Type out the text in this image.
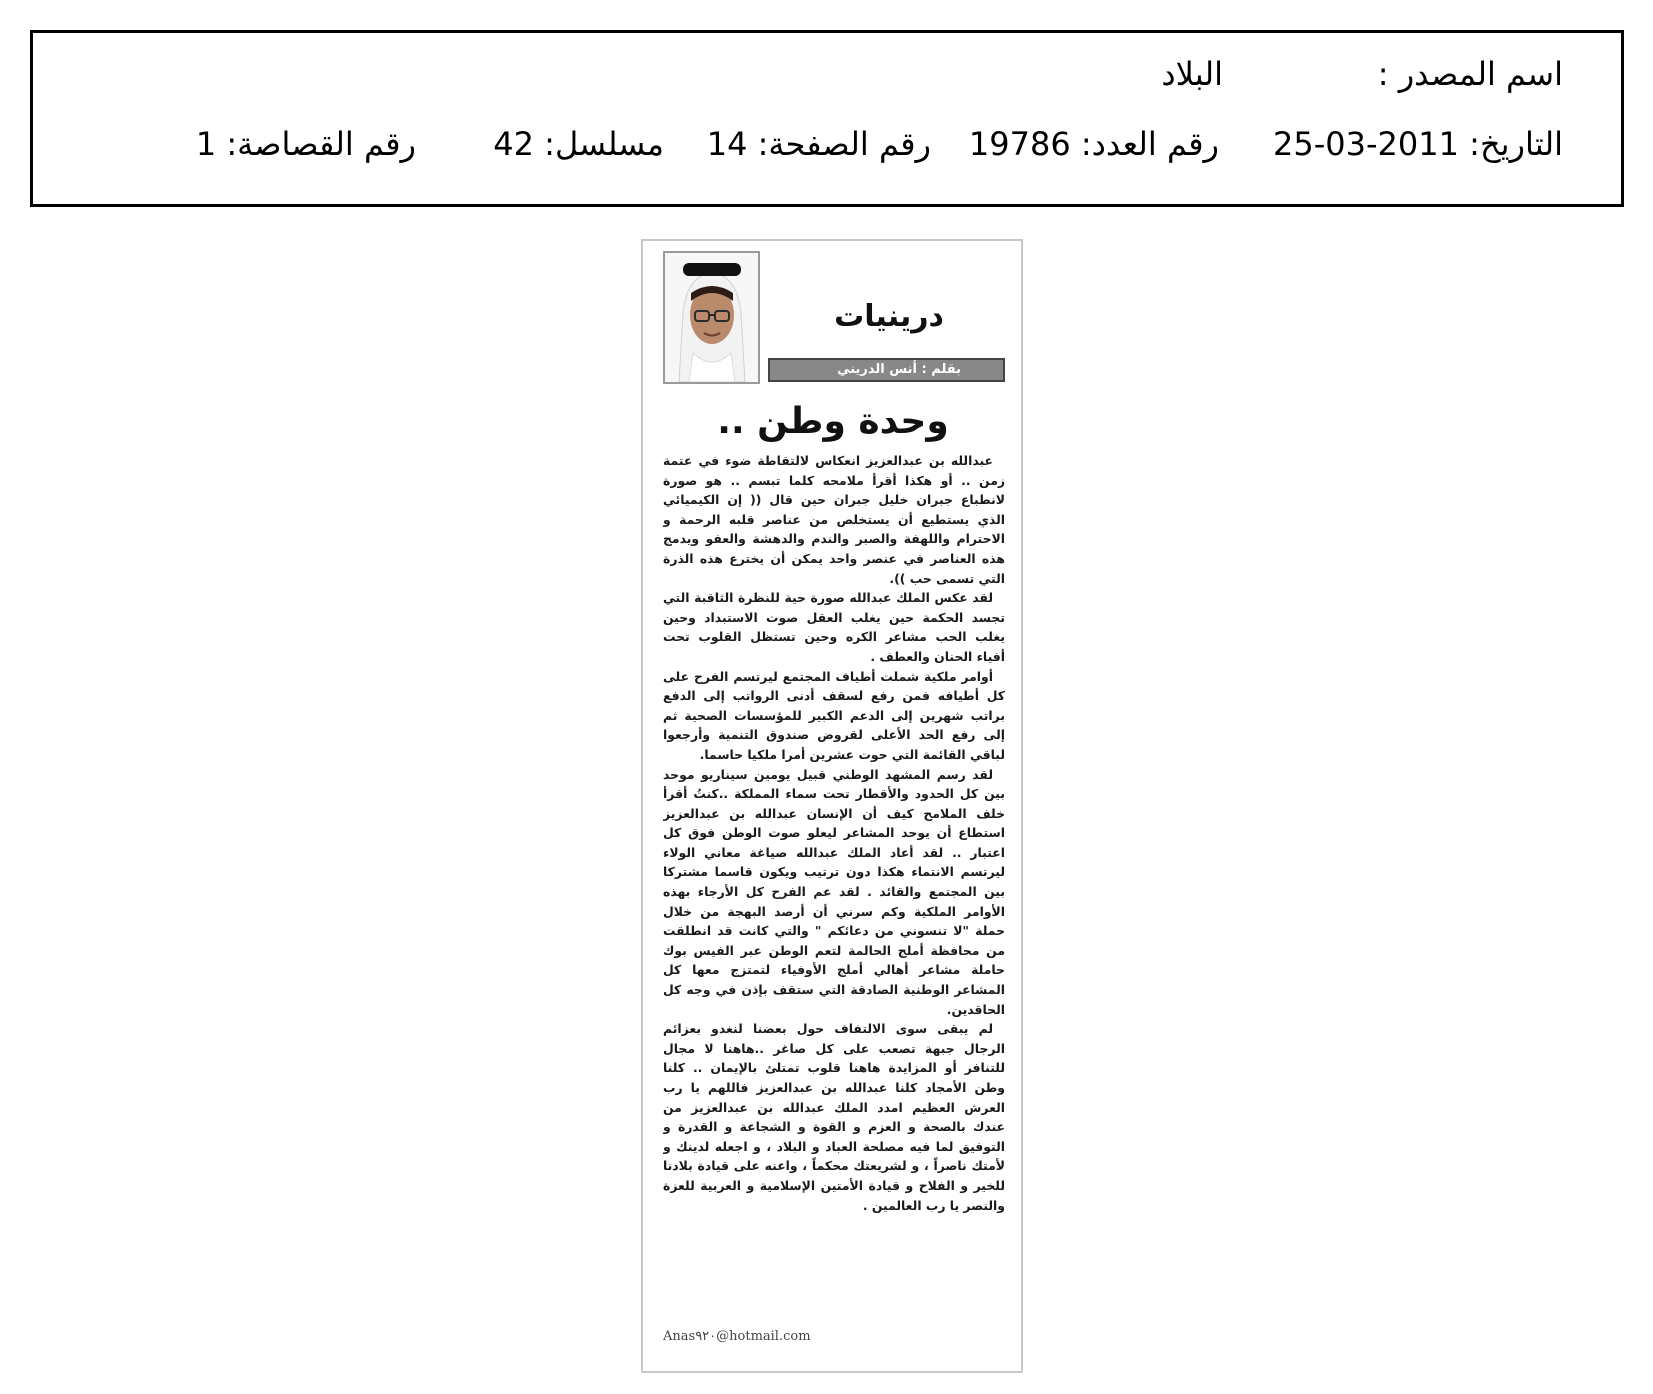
اسم المصدر :
البلاد
التاريخ: 25-03-2011
رقم العدد: 19786
رقم الصفحة: 14
مسلسل: 42
رقم القصاصة: 1
درينيات
بقلم : أنس الدريني
وحدة وطن ..

عبدالله بن عبدالعزيز انعكاس لالتقاطة ضوء في عتمة زمن .. أو هكذا أقرأ ملامحه كلما تبسم .. هو صورة لانطباع جبران خليل جبران حين قال (( إن الكيميائي الذي يستطيع أن يستخلص من عناصر قلبه الرحمة و الاحترام واللهفة والصبر والندم والدهشة والعفو ويدمج هذه العناصر في عنصر واحد يمكن أن يخترع هذه الذرة التي تسمى حب )).

لقد عكس الملك عبدالله صورة حية للنظرة الثاقبة التي تجسد الحكمة حين يغلب العقل صوت الاستبداد وحين يغلب الحب مشاعر الكره وحين تستظل القلوب تحت أفياء الحنان والعطف .

أوامر ملكية شملت أطياف المجتمع ليرتسم الفرح على كل أطيافه فمن رفع لسقف أدنى الرواتب إلى الدفع براتب شهرين إلى الدعم الكبير للمؤسسات الصحية ثم إلى رفع الحد الأعلى لقروض صندوق التنمية وأرجعوا لباقي القائمة التي حوت عشرين أمرا ملكيا حاسما.

لقد رسم المشهد الوطني قبيل يومين سيناريو موحد بين كل الحدود والأقطار تحت سماء المملكة ..كنتُ أقرأ خلف الملامح كيف أن الإنسان عبدالله بن عبدالعزيز استطاع أن يوحد المشاعر ليعلو صوت الوطن فوق كل اعتبار .. لقد أعاد الملك عبدالله صياغة معاني الولاء ليرتسم الانتماء هكذا دون ترتيب ويكون قاسما مشتركا بين المجتمع والقائد . لقد عم الفرح كل الأرجاء بهذه الأوامر الملكية وكم سرني أن أرصد البهجة من خلال حملة "لا تنسوني من دعائكم " والتي كانت قد انطلقت من محافظة أملج الحالمة لتعم الوطن عبر الفيس بوك حاملة مشاعر أهالي أملج الأوفياء لتمتزج معها كل المشاعر الوطنية الصادقة التي ستقف بإذن في وجه كل الحاقدين.

لم يبقى سوى الالتفاف حول بعضنا لنغدو بعزائم الرجال جبهة تصعب على كل صاغر ..هاهنا لا مجال للتنافر أو المزايدة هاهنا قلوب تمتلئ بالإيمان .. كلنا وطن الأمجاد كلنا عبدالله بن عبدالعزيز فاللهم يا رب العرش العظيم امدد الملك عبدالله بن عبدالعزيز من عندك بالصحة و العزم و القوة و الشجاعة و القدرة و التوفيق لما فيه مصلحة العباد و البلاد ، و اجعله لدينك و لأمتك ناصراً ، و لشريعتك محكماً ، واعنه على قيادة بلادنا للخير و الفلاح و قيادة الأمتين الإسلامية و العربية للعزة والنصر يا رب العالمين .

Anas٩٢٠@hotmail.com
